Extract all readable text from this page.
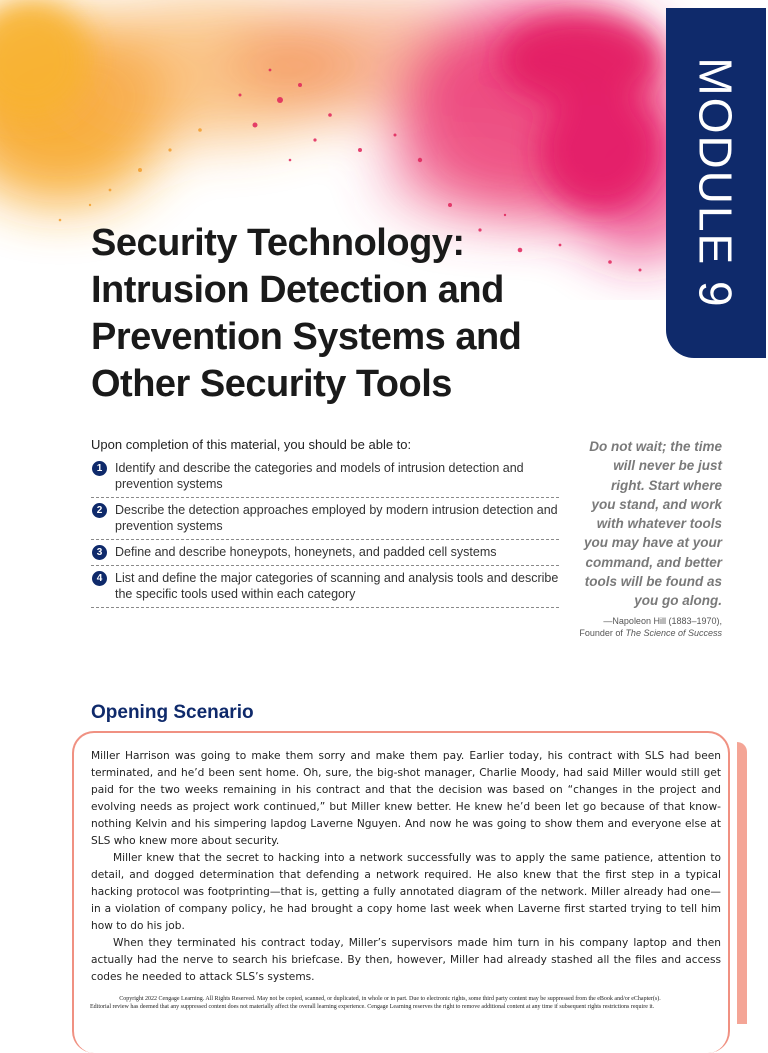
MODULE 9
Security Technology:
Intrusion Detection and
Prevention Systems and
Other Security Tools
Upon completion of this material, you should be able to:
1	Identify and describe the categories and models of intrusion detection and prevention systems
2	Describe the detection approaches employed by modern intrusion detection and prevention systems
3	Define and describe honeypots, honeynets, and padded cell systems
4	List and define the major categories of scanning and analysis tools and describe the specific tools used within each category

Do not wait; the time
will never be just
right. Start where
you stand, and work
with whatever tools
you may have at your
command, and better
tools will be found as
you go along.

—Napoleon Hill (1883–1970),
Founder of The Science of Success
Opening Scenario

Miller Harrison was going to make them sorry and make them pay. Earlier today, his contract with SLS had been terminated, and he’d been sent home. Oh, sure, the big-shot manager, Charlie Moody, had said Miller would still get paid for the two weeks remaining in his contract and that the decision was based on “changes in the project and evolving needs as project work continued,” but Miller knew better. He knew he’d been let go because of that know-nothing Kelvin and his simpering lapdog Laverne Nguyen. And now he was going to show them and everyone else at SLS who knew more about security.

Miller knew that the secret to hacking into a network successfully was to apply the same patience, attention to detail, and dogged determination that defending a network required. He also knew that the first step in a typical hacking protocol was footprinting—that is, getting a fully annotated diagram of the network. Miller already had one—in a violation of company policy, he had brought a copy home last week when Laverne first started trying to tell him how to do his job.

When they terminated his contract today, Miller’s supervisors made him turn in his company laptop and then actually had the nerve to search his briefcase. By then, however, Miller had already stashed all the files and access codes he needed to attack SLS’s systems.

Copyright 2022 Cengage Learning. All Rights Reserved. May not be copied, scanned, or duplicated, in whole or in part. Due to electronic rights, some third party content may be suppressed from the eBook and/or eChapter(s).
Editorial review has deemed that any suppressed content does not materially affect the overall learning experience. Cengage Learning reserves the right to remove additional content at any time if subsequent rights restrictions require it.
